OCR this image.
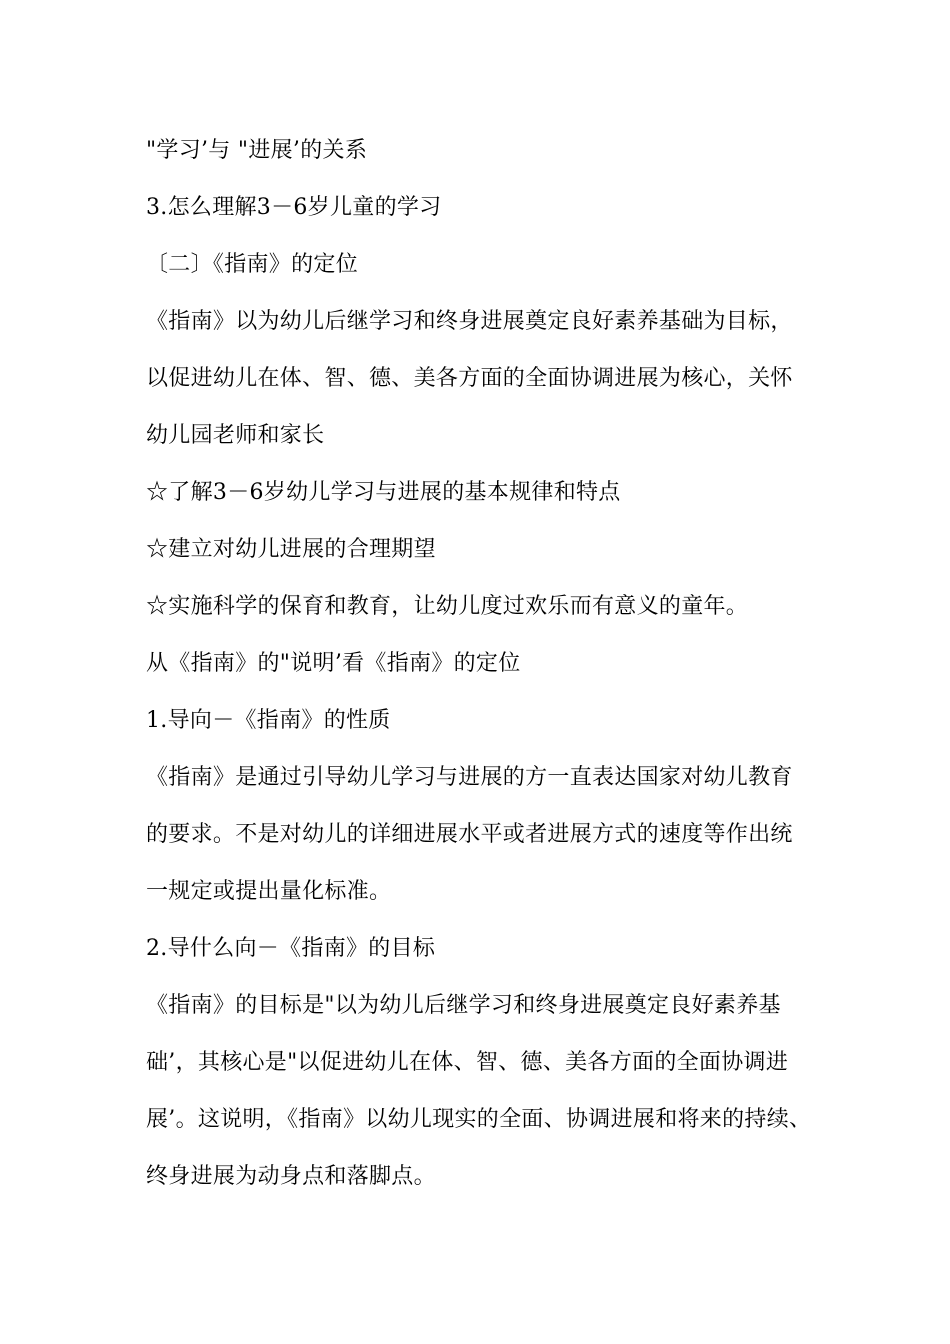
"学习’与 "进展’的关系
3.怎么理解3－6岁儿童的学习
〔二〕《指南》的定位
《指南》以为幼儿后继学习和终身进展奠定良好素养基础为目标，
以促进幼儿在体、智、德、美各方面的全面协调进展为核心，关怀
幼儿园老师和家长
☆了解3－6岁幼儿学习与进展的基本规律和特点
☆建立对幼儿进展的合理期望
☆实施科学的保育和教育，让幼儿度过欢乐而有意义的童年。
从《指南》的"说明’看《指南》的定位
1.导向－《指南》的性质
《指南》是通过引导幼儿学习与进展的方一直表达国家对幼儿教育
的要求。不是对幼儿的详细进展水平或者进展方式的速度等作出统
一规定或提出量化标准。
2.导什么向－《指南》的目标
《指南》的目标是"以为幼儿后继学习和终身进展奠定良好素养基
础’，其核心是"以促进幼儿在体、智、德、美各方面的全面协调进
展’。这说明，《指南》以幼儿现实的全面、协调进展和将来的持续、
终身进展为动身点和落脚点。
